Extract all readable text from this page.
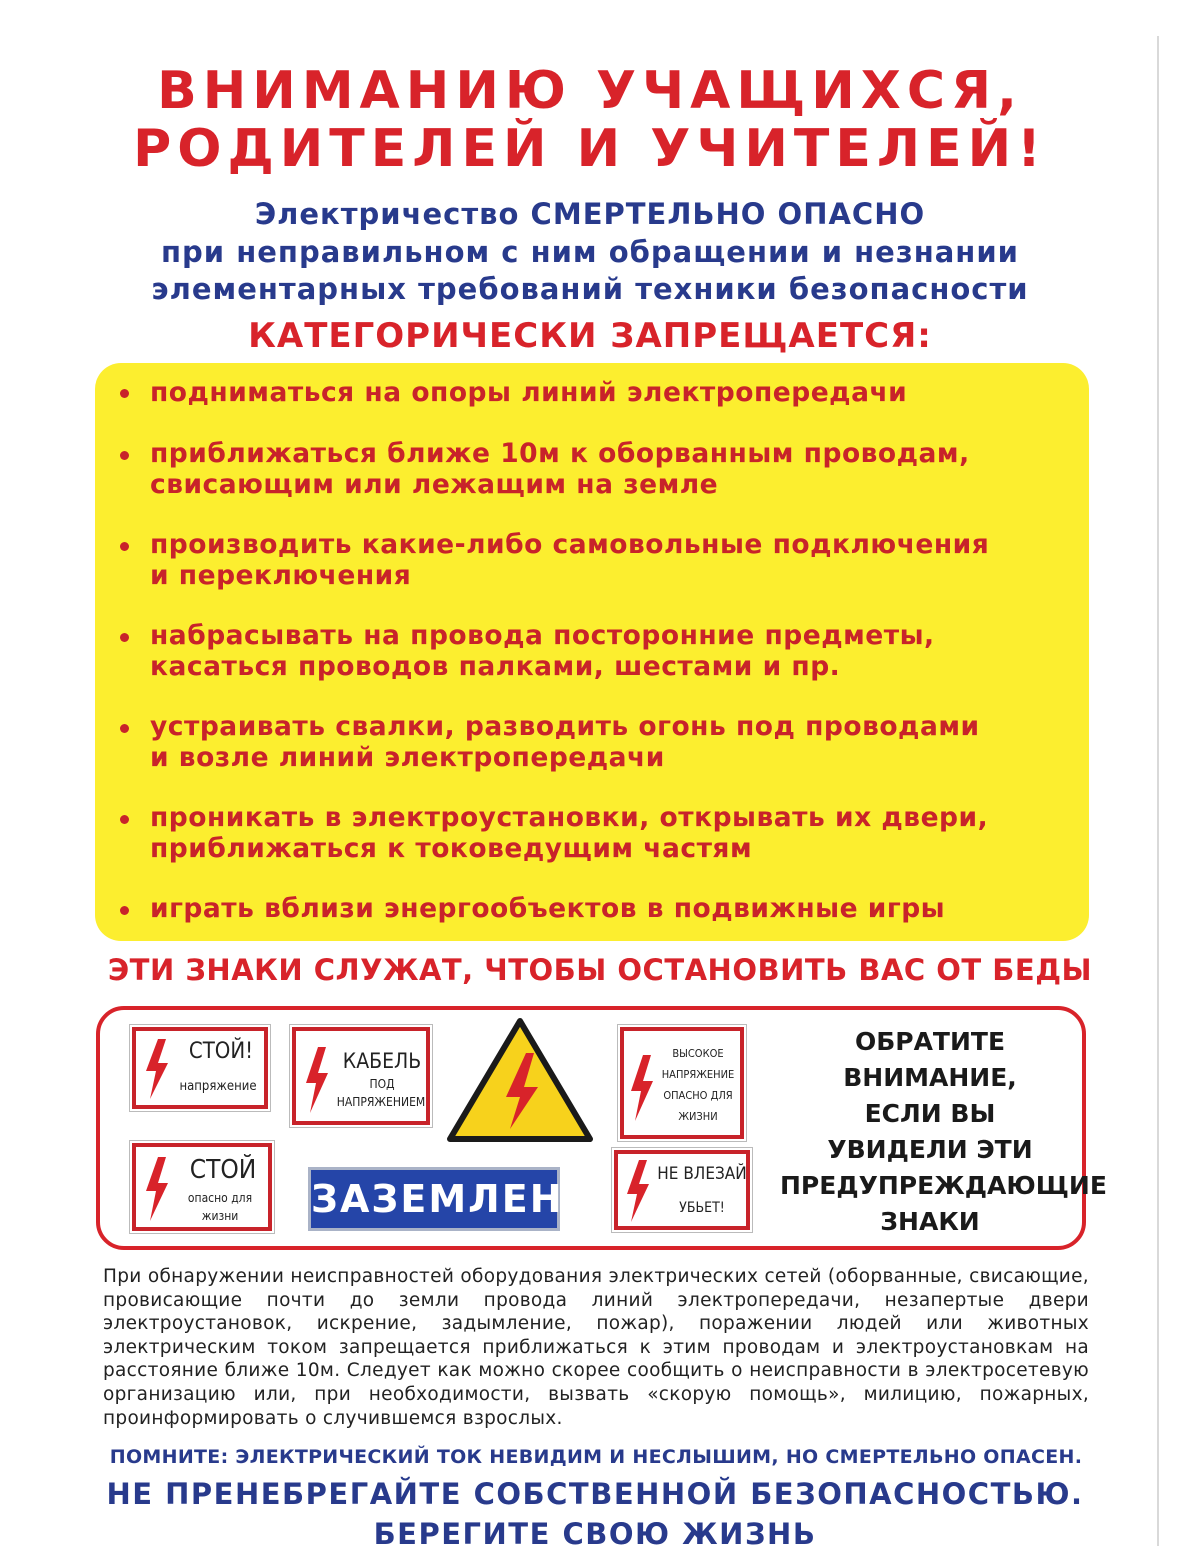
ВНИМАНИЮ УЧАЩИХСЯ,
РОДИТЕЛЕЙ И УЧИТЕЛЕЙ!
Электричество СМЕРТЕЛЬНО ОПАСНО
при неправильном с ним обращении и незнании
элементарных требований техники безопасности
КАТЕГОРИЧЕСКИ ЗАПРЕЩАЕТСЯ:
подниматься на опоры линий электропередачи
приближаться ближе 10м к оборванным проводам,
свисающим или лежащим на земле
производить какие-либо самовольные подключения
и переключения
набрасывать на провода посторонние предметы,
касаться проводов палками, шестами и пр.
устраивать свалки, разводить огонь под проводами
и возле линий электропередачи
проникать в электроустановки, открывать их двери,
приближаться к токоведущим частям
играть вблизи энергообъектов в подвижные игры
ЭТИ ЗНАКИ СЛУЖАТ, ЧТОБЫ ОСТАНОВИТЬ ВАС ОТ БЕДЫ
СТОЙ!
напряжение
КАБЕЛЬ
ПОД
НАПРЯЖЕНИЕМ
ВЫСОКОЕ
НАПРЯЖЕНИЕ
ОПАСНО ДЛЯ
ЖИЗНИ
СТОЙ
опасно для
жизни	ЗАЗЕМЛЕНО
НЕ ВЛЕЗАЙ
УБЬЕТ!
ОБРАТИТЕ
ВНИМАНИЕ,
ЕСЛИ ВЫ
УВИДЕЛИ ЭТИ
ПРЕДУПРЕЖДАЮЩИЕ
ЗНАКИ
При обнаружении неисправностей оборудования электрических сетей (оборванные, свисающие, провисающие почти до земли провода линий электропередачи, незапертые двери электроустановок, искрение, задымление, пожар), поражении людей или животных электрическим током запрещается приближаться к этим проводам и электроустановкам на расстояние ближе 10м. Следует как можно скорее сообщить о неисправности в электросетевую организацию или, при необходимости, вызвать «скорую помощь», милицию, пожарных, проинформировать о случившемся взрослых.
ПОМНИТЕ: ЭЛЕКТРИЧЕСКИЙ ТОК НЕВИДИМ И НЕСЛЫШИМ, НО СМЕРТЕЛЬНО ОПАСЕН.
НЕ ПРЕНЕБРЕГАЙТЕ СОБСТВЕННОЙ БЕЗОПАСНОСТЬЮ.
БЕРЕГИТЕ СВОЮ ЖИЗНЬ
